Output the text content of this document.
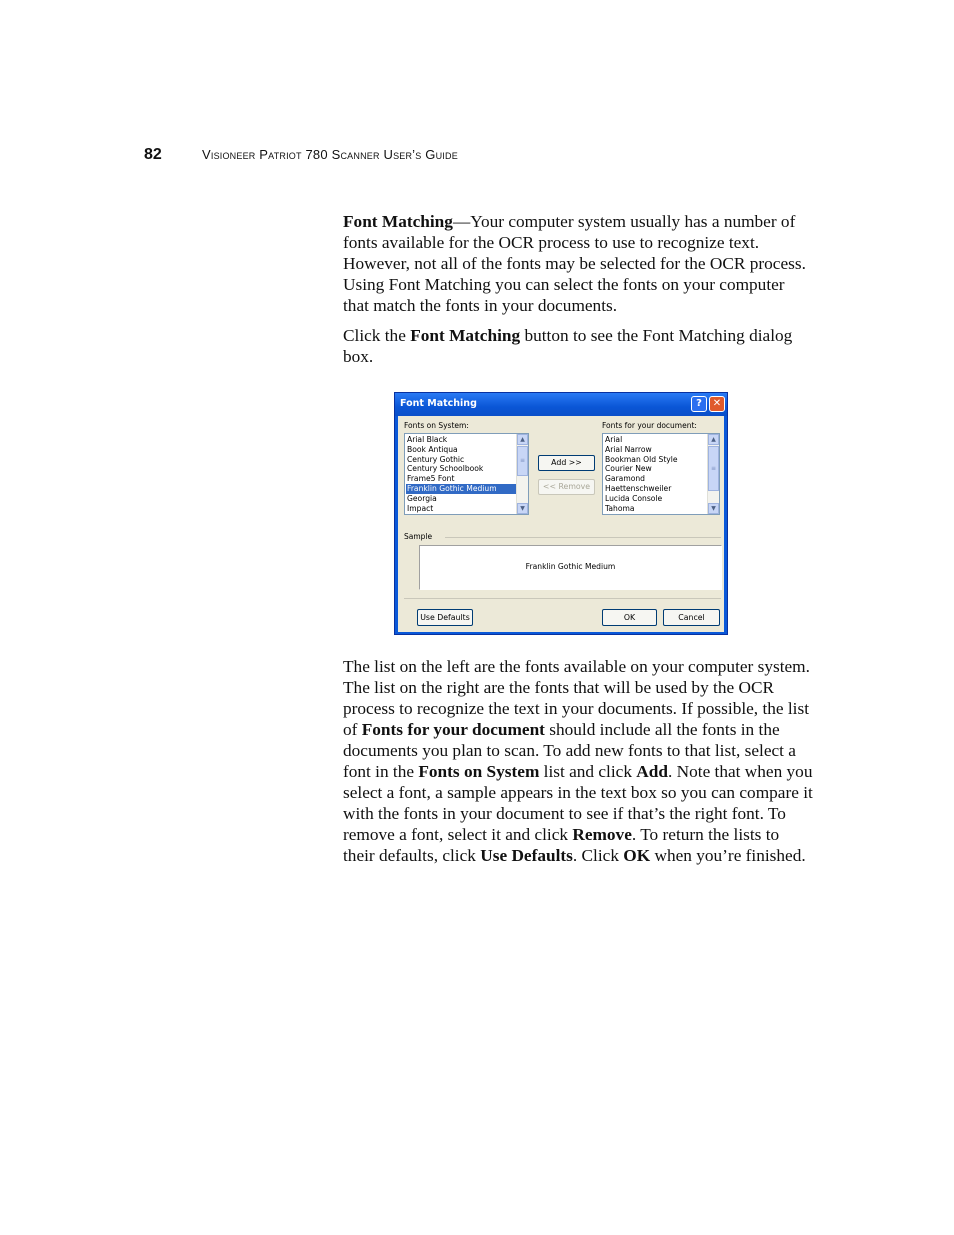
82	Visioneer Patriot 780 Scanner User’s Guide

Font Matching—Your computer system usually has a number of fonts available for the OCR process to use to recognize text. However, not all of the fonts may be selected for the OCR process. Using Font Matching you can select the fonts on your computer that match the fonts in your documents.

Click the Font Matching button to see the Font Matching dialog box.

Font Matching	?	✕
Fonts on System:	Fonts for your document:
Arial Black
Book Antiqua
Century Gothic
Century Schoolbook
Frame5 Font
Franklin Gothic Medium
Georgia
Impact
▲
≡
▼
Arial
Arial Narrow
Bookman Old Style
Courier New
Garamond
Haettenschweiler
Lucida Console
Tahoma
▲
≡
▼
Add >>
<< Remove
Sample
Franklin Gothic Medium
Use Defaults	OK	Cancel

The list on the left are the fonts available on your computer system. The list on the right are the fonts that will be used by the OCR process to recognize the text in your documents. If possible, the list of Fonts for your document should include all the fonts in the documents you plan to scan. To add new fonts to that list, select a font in the Fonts on System list and click Add. Note that when you select a font, a sample appears in the text box so you can compare it with the fonts in your document to see if that’s the right font. To remove a font, select it and click Remove. To return the lists to their defaults, click Use Defaults. Click OK when you’re finished.
